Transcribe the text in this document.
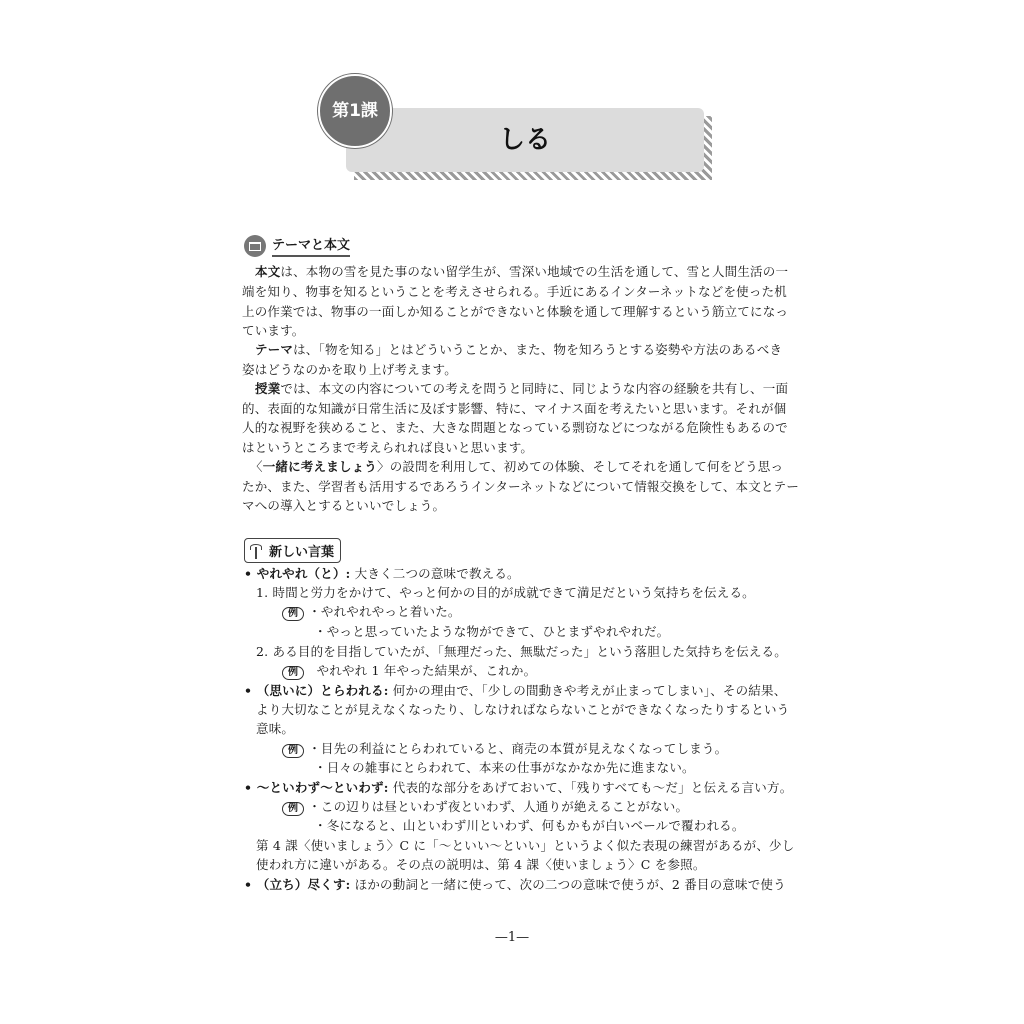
しる
第1課
テーマと本文
本文は、本物の雪を見た事のない留学生が、雪深い地域での生活を通して、雪と人間生活の一
端を知り、物事を知るということを考えさせられる。手近にあるインターネットなどを使った机
上の作業では、物事の一面しか知ることができないと体験を通して理解するという筋立てになっ
ています。
テーマは、「物を知る」とはどういうことか、また、物を知ろうとする姿勢や方法のあるべき
姿はどうなのかを取り上げ考えます。
授業では、本文の内容についての考えを問うと同時に、同じような内容の経験を共有し、一面
的、表面的な知識が日常生活に及ぼす影響、特に、マイナス面を考えたいと思います。それが個
人的な視野を狭めること、また、大きな問題となっている剽窃などにつながる危険性もあるので
はというところまで考えられれば良いと思います。
〈一緒に考えましょう〉の設問を利用して、初めての体験、そしてそれを通して何をどう思っ
たか、また、学習者も活用するであろうインターネットなどについて情報交換をして、本文とテー
マへの導入とするといいでしょう。
新しい言葉
• やれやれ（と）: 大きく二つの意味で教える。
1. 時間と労力をかけて、やっと何かの目的が成就できて満足だという気持ちを伝える。
例 ・やれやれやっと着いた。
・やっと思っていたような物ができて、ひとまずやれやれだ。
2. ある目的を目指していたが、「無理だった、無駄だった」という落胆した気持ちを伝える。
例 やれやれ 1 年やった結果が、これか。
• （思いに）とらわれる: 何かの理由で、「少しの間動きや考えが止まってしまい」、その結果、
より大切なことが見えなくなったり、しなければならないことができなくなったりするという
意味。
例 ・目先の利益にとらわれていると、商売の本質が見えなくなってしまう。
・日々の雑事にとらわれて、本来の仕事がなかなか先に進まない。
• ～といわず～といわず: 代表的な部分をあげておいて、「残りすべても～だ」と伝える言い方。
例 ・この辺りは昼といわず夜といわず、人通りが絶えることがない。
・冬になると、山といわず川といわず、何もかもが白いベールで覆われる。
第 4 課〈使いましょう〉C に「～といい～といい」というよく似た表現の練習があるが、少し
使われ方に違いがある。その点の説明は、第 4 課〈使いましょう〉C を参照。
• （立ち）尽くす: ほかの動詞と一緒に使って、次の二つの意味で使うが、2 番目の意味で使う
—1—
